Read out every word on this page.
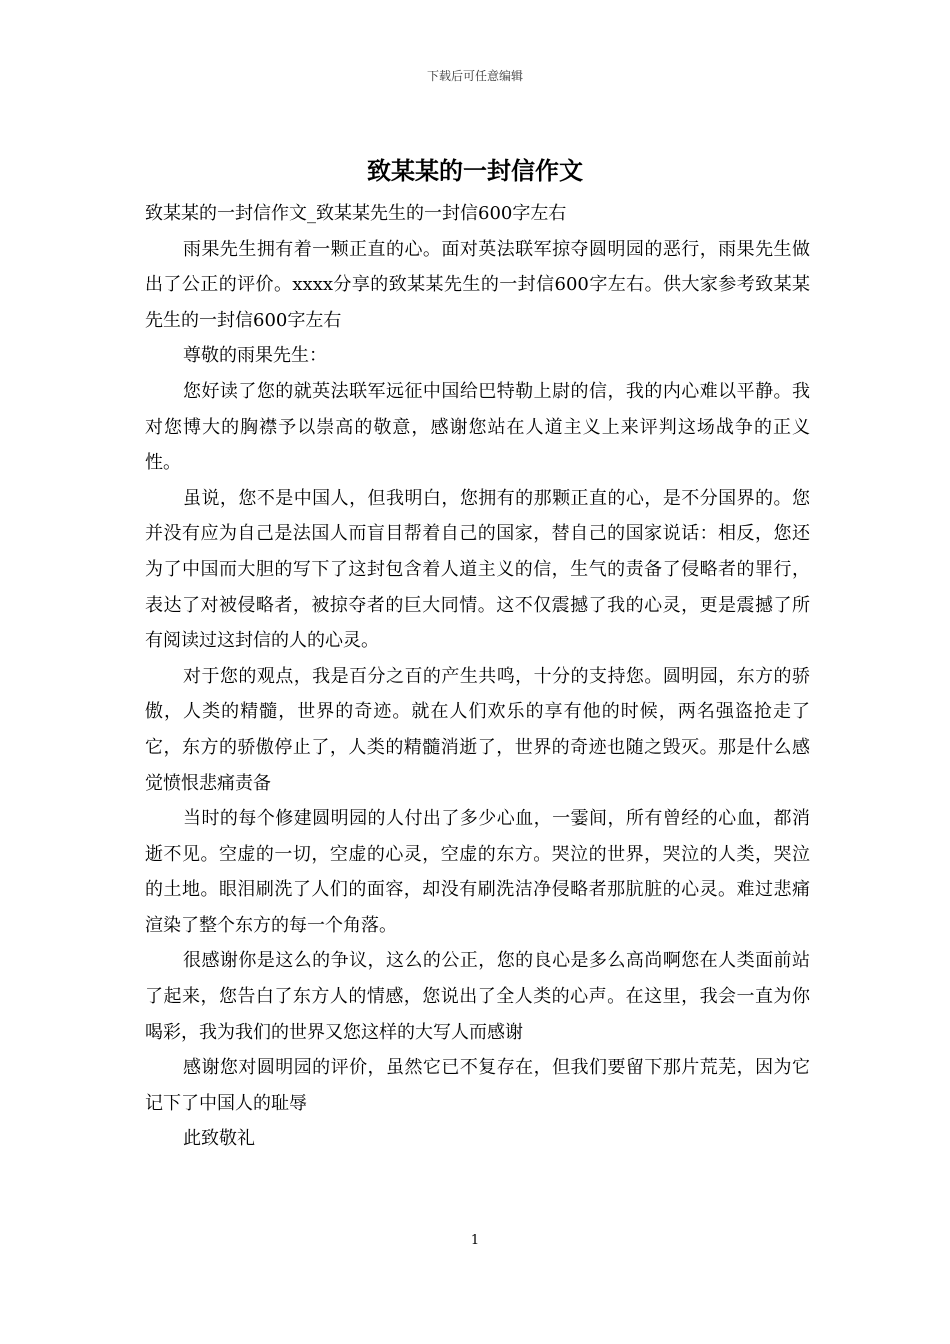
下载后可任意编辑
致某某的一封信作文

致某某的一封信作文_致某某先生的一封信600字左右

雨果先生拥有着一颗正直的心。面对英法联军掠夺圆明园的恶行，雨果先生做出了公正的评价。xxxx分享的致某某先生的一封信600字左右。供大家参考致某某先生的一封信600字左右

尊敬的雨果先生：

您好读了您的就英法联军远征中国给巴特勒上尉的信，我的内心难以平静。我对您博大的胸襟予以崇高的敬意，感谢您站在人道主义上来评判这场战争的正义性。

虽说，您不是中国人，但我明白，您拥有的那颗正直的心，是不分国界的。您并没有应为自己是法国人而盲目帮着自己的国家，替自己的国家说话：相反，您还为了中国而大胆的写下了这封包含着人道主义的信，生气的责备了侵略者的罪行，表达了对被侵略者，被掠夺者的巨大同情。这不仅震撼了我的心灵，更是震撼了所有阅读过这封信的人的心灵。

对于您的观点，我是百分之百的产生共鸣，十分的支持您。圆明园，东方的骄傲，人类的精髓，世界的奇迹。就在人们欢乐的享有他的时候，两名强盗抢走了它，东方的骄傲停止了，人类的精髓消逝了，世界的奇迹也随之毁灭。那是什么感觉愤恨悲痛责备

当时的每个修建圆明园的人付出了多少心血，一霎间，所有曾经的心血，都消逝不见。空虚的一切，空虚的心灵，空虚的东方。哭泣的世界，哭泣的人类，哭泣的土地。眼泪刷洗了人们的面容，却没有刷洗洁净侵略者那肮脏的心灵。难过悲痛渲染了整个东方的每一个角落。

很感谢你是这么的争议，这么的公正，您的良心是多么高尚啊您在人类面前站了起来，您告白了东方人的情感，您说出了全人类的心声。在这里，我会一直为你喝彩，我为我们的世界又您这样的大写人而感谢

感谢您对圆明园的评价，虽然它已不复存在，但我们要留下那片荒芜，因为它记下了中国人的耻辱

此致敬礼

1
